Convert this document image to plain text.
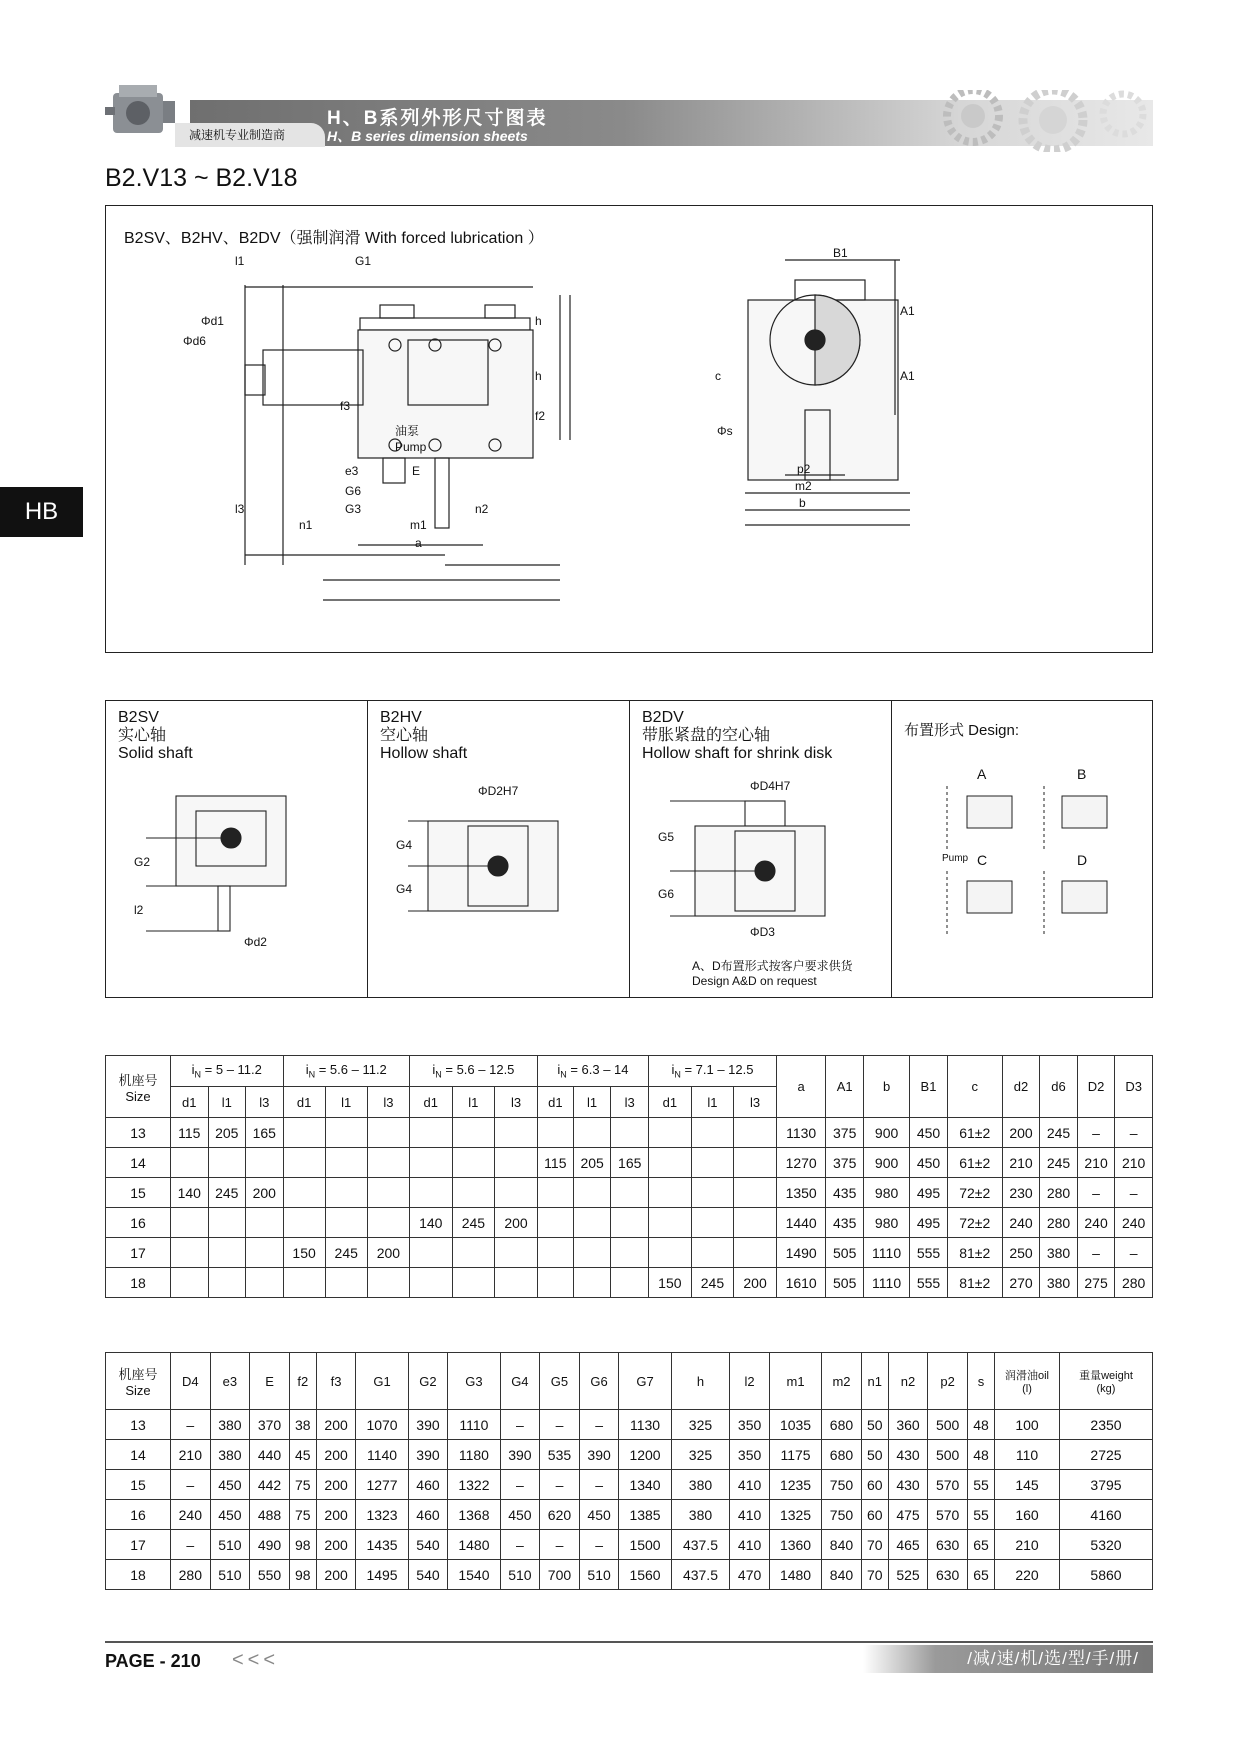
减速机专业制造商
H、B系列外形尺寸图表
H、B series dimension sheets
B2.V13 ~ B2.V18
HB
B2SV、B2HV、B2DV（强制润滑 With forced lubrication ）
l1	G1
Φd1
Φd6
h
h
f3
f2
e3	E
G6
l3	G3	n2
n1	m1
a
油泵
Pump
B1
A1
A1
c
Φs
p2
m2
b
B2SV
实心轴
Solid shaft
G2
l2
Φd2
B2HV
空心轴
Hollow shaft
ΦD2H7
G4
G4
B2DV
带胀紧盘的空心轴
Hollow shaft for shrink disk
ΦD4H7
G5
G6
ΦD3
A、D布置形式按客户要求供货
Design A&D on request
布置形式 Design:
A	B
C	D
Pump
机座号
Size	$i_N = 5 - 11.2$			$i_N = 5.6 - 11.2$			$i_N = 5.6 - 12.5$			$i_N = 6.3 - 14$			$i_N = 7.1 - 12.5$			a	A1	b	B1	c	d2	d6	D2	D3
	d1	l1	l3	d1	l1	l3	d1	l1	l3	d1	l1	l3	d1	l1	l3									
13	115	205	165													1130	375	900	450	61±2	200	245	–	–
14										115	205	165				1270	375	900	450	61±2	210	245	210	210
15	140	245	200													1350	435	980	495	72±2	230	280	–	–
16							140	245	200							1440	435	980	495	72±2	240	280	240	240
17				150	245	200										1490	505	1110	555	81±2	250	380	–	–
18													150	245	200	1610	505	1110	555	81±2	270	380	275	280
机座号
Size	D4	e3	E	f2	f3	G1	G2	G3	G4	G5	G6	G7	h	l2	m1	m2	n1	n2	p2	s	润滑油oil
(l)	重量weight
(kg)
13	–	380	370	38	200	1070	390	1110	–	–	–	1130	325	350	1035	680	50	360	500	48	100	2350
14	210	380	440	45	200	1140	390	1180	390	535	390	1200	325	350	1175	680	50	430	500	48	110	2725
15	–	450	442	75	200	1277	460	1322	–	–	–	1340	380	410	1235	750	60	430	570	55	145	3795
16	240	450	488	75	200	1323	460	1368	450	620	450	1385	380	410	1325	750	60	475	570	55	160	4160
17	–	510	490	98	200	1435	540	1480	–	–	–	1500	437.5	410	1360	840	70	465	630	65	210	5320
18	280	510	550	98	200	1495	540	1540	510	700	510	1560	437.5	470	1480	840	70	525	630	65	220	5860
PAGE - 210 <<<	/减/速/机/选/型/手/册/
